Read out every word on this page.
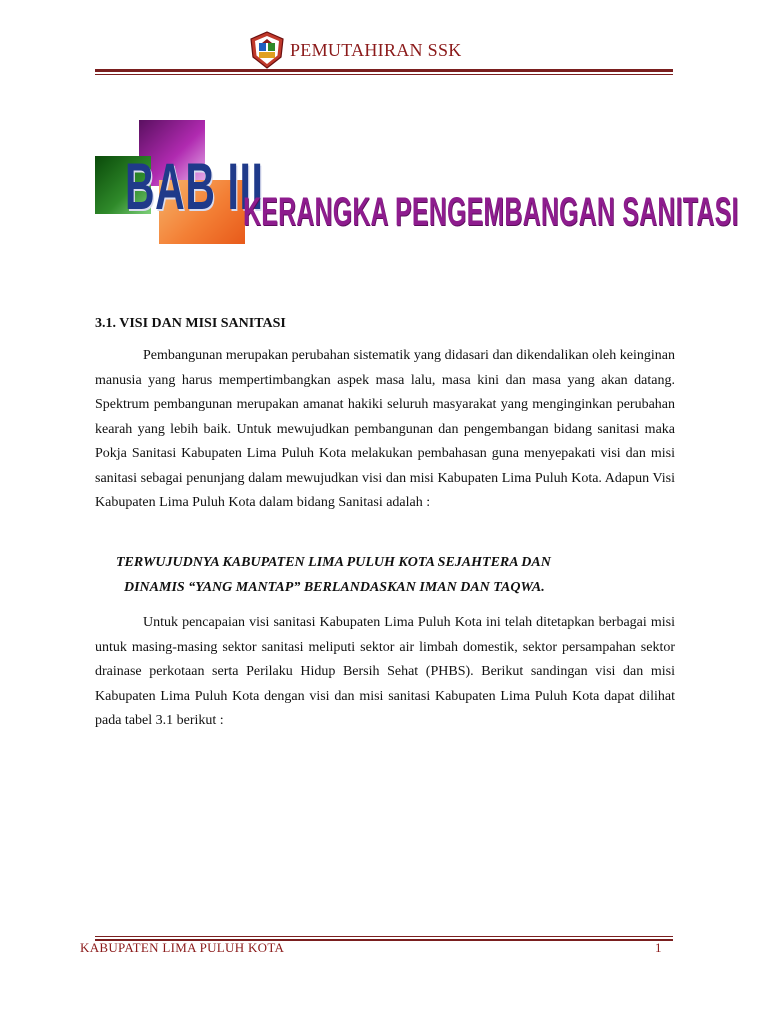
PEMUTAHIRAN SSK
BAB III
KERANGKA PENGEMBANGAN SANITASI
3.1. VISI DAN MISI SANITASI

Pembangunan merupakan perubahan sistematik yang didasari dan dikendalikan oleh keinginan manusia yang harus mempertimbangkan aspek masa lalu, masa kini dan masa yang akan datang. Spektrum pembangunan merupakan amanat hakiki seluruh masyarakat yang menginginkan perubahan kearah yang lebih baik. Untuk mewujudkan pembangunan dan pengembangan bidang sanitasi maka Pokja Sanitasi Kabupaten Lima Puluh Kota melakukan pembahasan guna menyepakati visi dan misi sanitasi sebagai penunjang dalam mewujudkan visi dan misi Kabupaten Lima Puluh Kota. Adapun Visi Kabupaten Lima Puluh Kota dalam bidang Sanitasi adalah :

TERWUJUDNYA KABUPATEN LIMA PULUH KOTA SEJAHTERA DAN
DINAMIS “YANG MANTAP” BERLANDASKAN IMAN DAN TAQWA.

Untuk pencapaian visi sanitasi Kabupaten Lima Puluh Kota ini telah ditetapkan berbagai misi untuk masing-masing sektor sanitasi meliputi sektor air limbah domestik, sektor persampahan sektor drainase perkotaan serta Perilaku Hidup Bersih Sehat (PHBS). Berikut sandingan visi dan misi Kabupaten Lima Puluh Kota dengan visi dan misi sanitasi Kabupaten Lima Puluh Kota dapat dilihat pada tabel 3.1 berikut :

KABUPATEN LIMA PULUH KOTA	1
